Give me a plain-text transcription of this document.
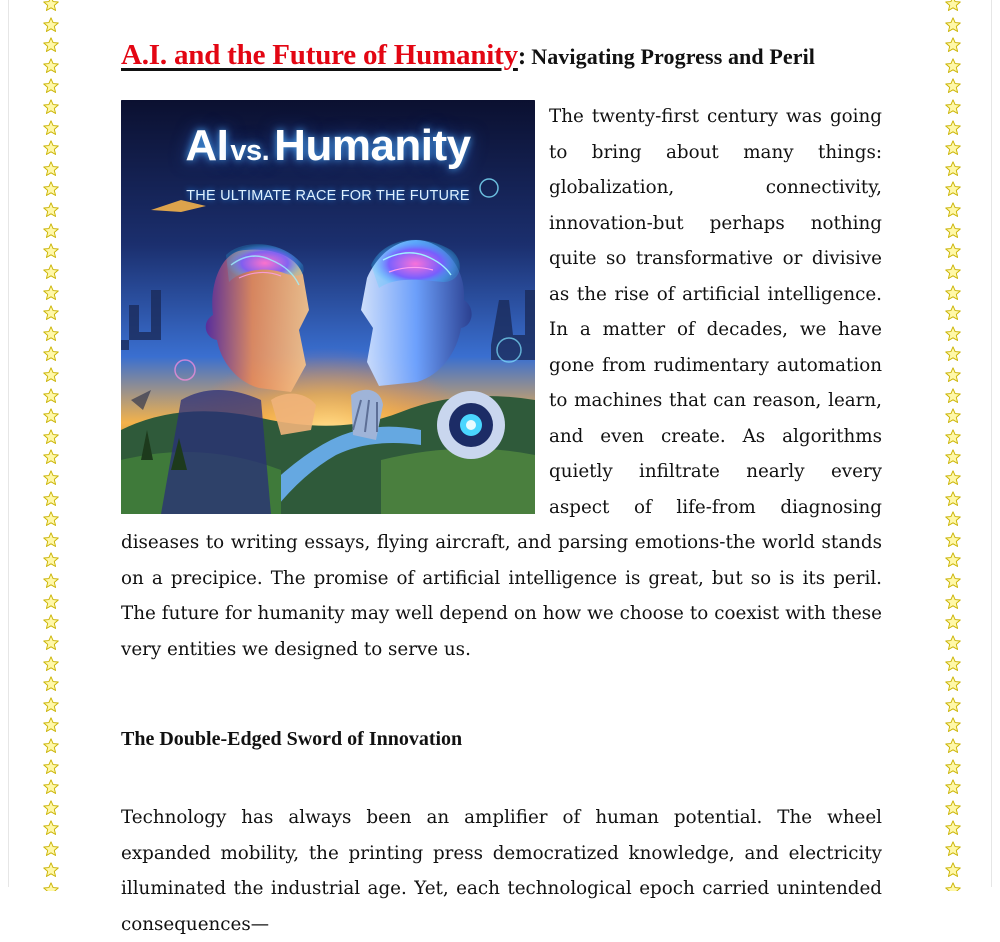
A.I. and the Future of Humanity: Navigating Progress and Peril
AIvs. Humanity
THE ULTIMATE RACE FOR THE FUTURE
The twenty-first century was going to bring about many things: globalization, connectivity, innovation-but perhaps nothing quite so transformative or divisive as the rise of artificial intelligence. In a matter of decades, we have gone from rudimentary automation to machines that can reason, learn, and even create. As algorithms quietly infiltrate nearly every aspect of life-from diagnosing diseases to writing essays, flying aircraft, and parsing emotions-the world stands on a precipice. The promise of artificial intelligence is great, but so is its peril. The future for humanity may well depend on how we choose to coexist with these very entities we designed to serve us.
The Double-Edged Sword of Innovation

Technology has always been an amplifier of human potential. The wheel expanded mobility, the printing press democratized knowledge, and electricity illuminated the industrial age. Yet, each technological epoch carried unintended consequences—
